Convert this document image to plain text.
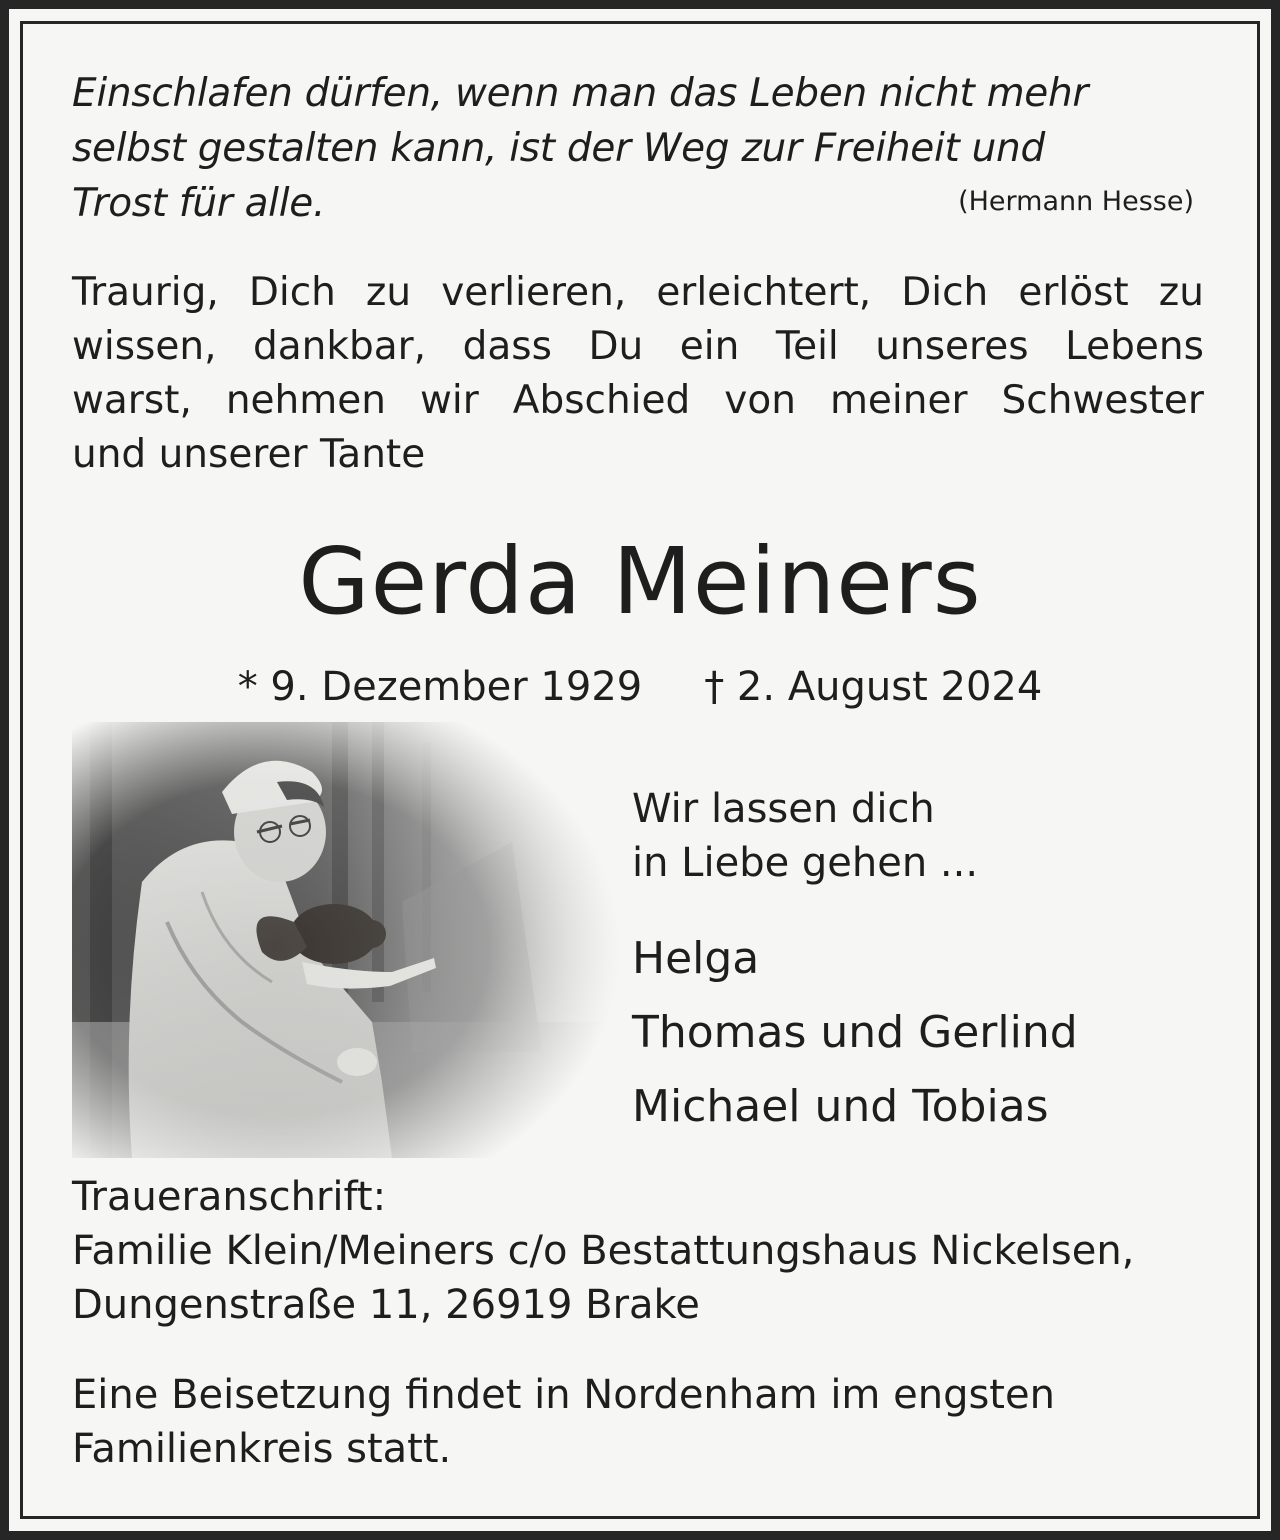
Einschlafen dürfen, wenn man das Leben nicht mehr
selbst gestalten kann, ist der Weg zur Freiheit und
Trost für alle.	(Hermann Hesse)
Traurig, Dich zu verlieren, erleichtert, Dich erlöst zu
wissen, dankbar, dass Du ein Teil unseres Lebens
warst, nehmen wir Abschied von meiner Schwester
und unserer Tante
Gerda Meiners
* 9. Dezember 1929 † 2. August 2024
Wir lassen dich
in Liebe gehen ...
Helga
Thomas und Gerlind
Michael und Tobias
Traueranschrift:
Familie Klein/Meiners c/o Bestattungshaus Nickelsen,
Dungenstraße 11, 26919 Brake
Eine Beisetzung findet in Nordenham im engsten
Familienkreis statt.
